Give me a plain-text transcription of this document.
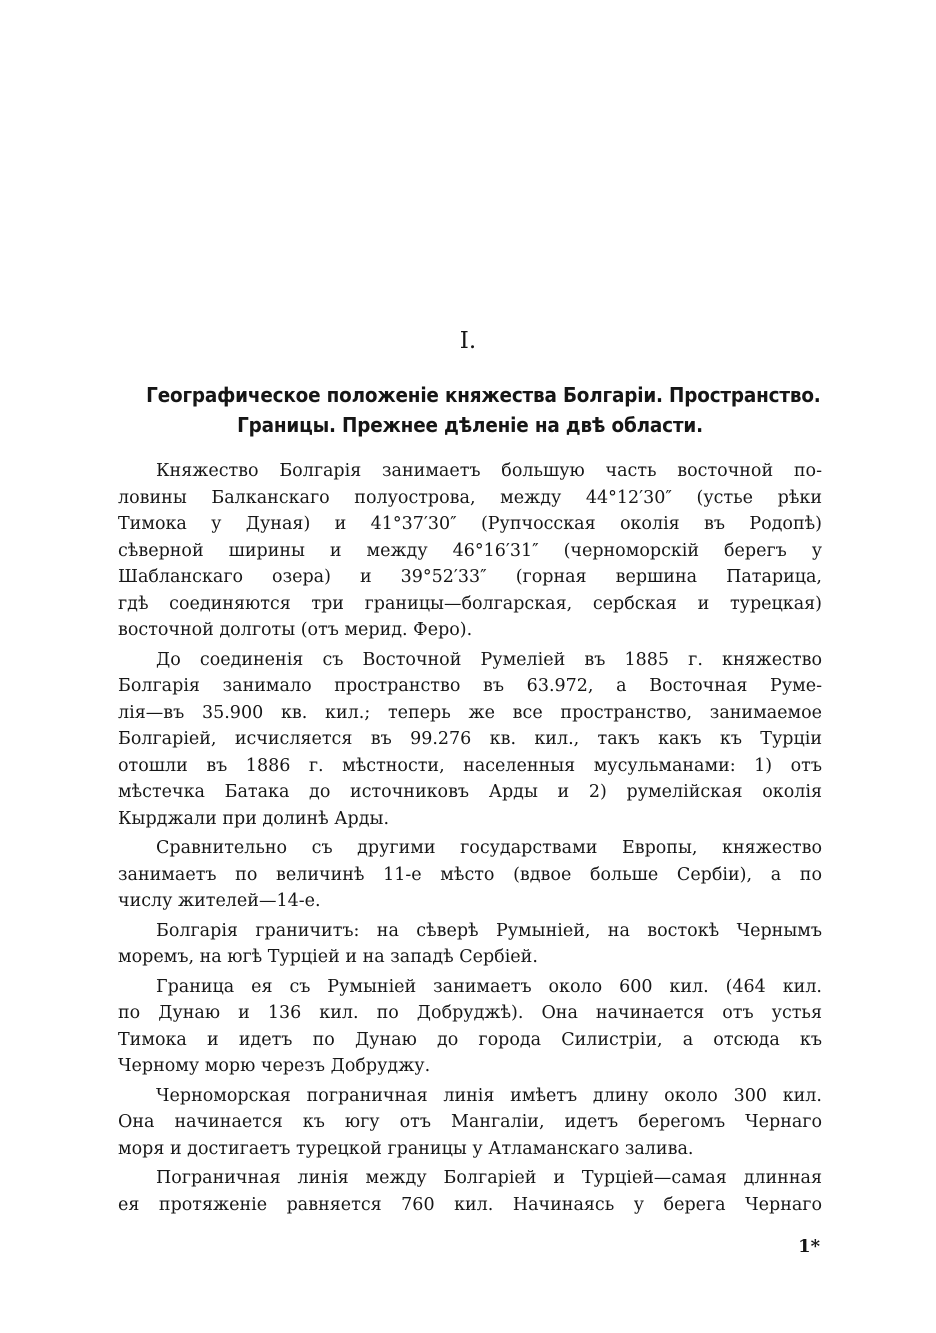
I.
Географическое положеніе княжества Болгаріи. Пространство.
Границы. Прежнее дѣленіе на двѣ области.

Княжество Болгарія занимаетъ большую часть восточной по-
ловины Балканскаго полуострова, между 44°12′30″ (устье рѣки
Тимока у Дуная) и 41°37′30″ (Рупчосская околія въ Родопѣ)
сѣверной ширины и между 46°16′31″ (черноморскій берегъ у
Шабланскаго озера) и 39°52′33″ (горная вершина Патарица,
гдѣ соединяются три границы—болгарская, сербская и турецкая)
восточной долготы (отъ мерид. Феро).

До соединенія съ Восточной Румеліей въ 1885 г. княжество
Болгарія занимало пространство въ 63.972, а Восточная Руме-
лія—въ 35.900 кв. кил.; теперь же все пространство, занимаемое
Болгаріей, исчисляется въ 99.276 кв. кил., такъ какъ къ Турціи
отошли въ 1886 г. мѣстности, населенныя мусульманами: 1) отъ
мѣстечка Батака до источниковъ Арды и 2) румелійская околія
Кырджали при долинѣ Арды.

Сравнительно съ другими государствами Европы, княжество
занимаетъ по величинѣ 11-е мѣсто (вдвое больше Сербіи), а по
числу жителей—14-е.

Болгарія граничитъ: на сѣверѣ Румыніей, на востокѣ Чернымъ
моремъ, на югѣ Турціей и на западѣ Сербіей.

Граница ея съ Румыніей занимаетъ около 600 кил. (464 кил.
по Дунаю и 136 кил. по Добруджѣ). Она начинается отъ устья
Тимока и идетъ по Дунаю до города Силистріи, а отсюда къ
Черному морю черезъ Добруджу.

Черноморская пограничная линія имѣетъ длину около 300 кил.
Она начинается къ югу отъ Мангаліи, идетъ берегомъ Чернаго
моря и достигаетъ турецкой границы у Атламанскаго залива.

Пограничная линія между Болгаріей и Турціей—самая длинная
ея протяженіе равняется 760 кил. Начинаясь у берега Чернаго

1*
